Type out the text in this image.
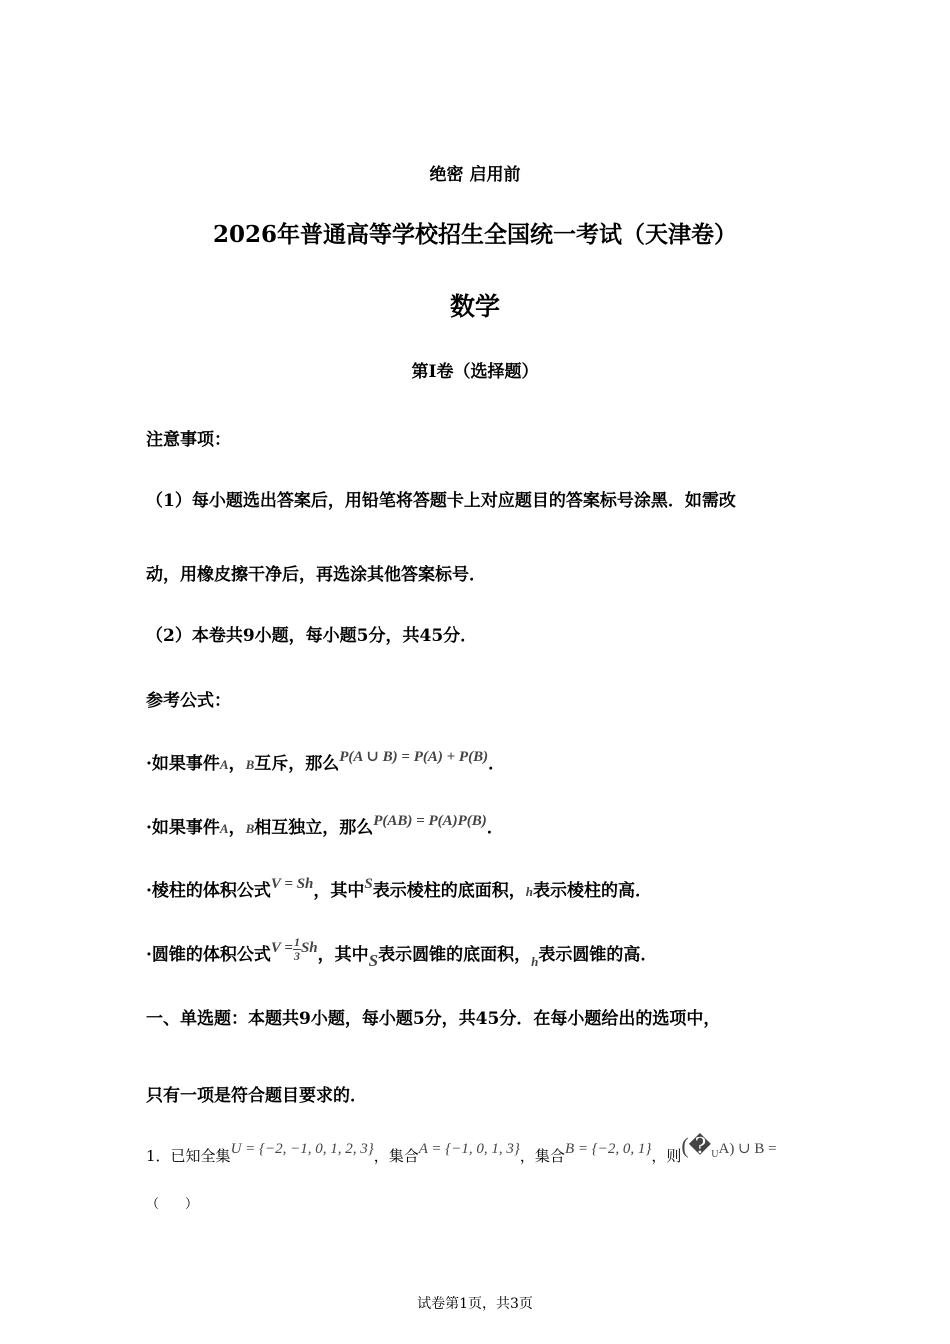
绝密 启用前
2026年普通高等学校招生全国统一考试（天津卷）
数学
第I卷（选择题）
注意事项：
（1）每小题选出答案后，用铅笔将答题卡上对应题目的答案标号涂黑．如需改
动，用橡皮擦干净后，再选涂其他答案标号．
（2）本卷共9小题，每小题5分，共45分．
参考公式：
·如果事件A，B互斥，那么P(A ∪ B) = P(A) + P(B)．
·如果事件A，B相互独立，那么P(AB) = P(A)P(B)．
·棱柱的体积公式V = Sh，其中S表示棱柱的底面积，h表示棱柱的高．
·圆锥的体积公式$V = \frac{1}{3}$ Sh，其中S表示圆锥的底面积，$_h$表示圆锥的高．
一、单选题：本题共9小题，每小题5分，共45分．在每小题给出的选项中，
只有一项是符合题目要求的．
1．已知全集U = {−2, −1, 0, 1, 2, 3}，集合A = {−1, 0, 1, 3}，集合B = {−2, 0, 1}，则$(�_UA)$ ∪ B =
（　　）
试卷第1页，共3页
